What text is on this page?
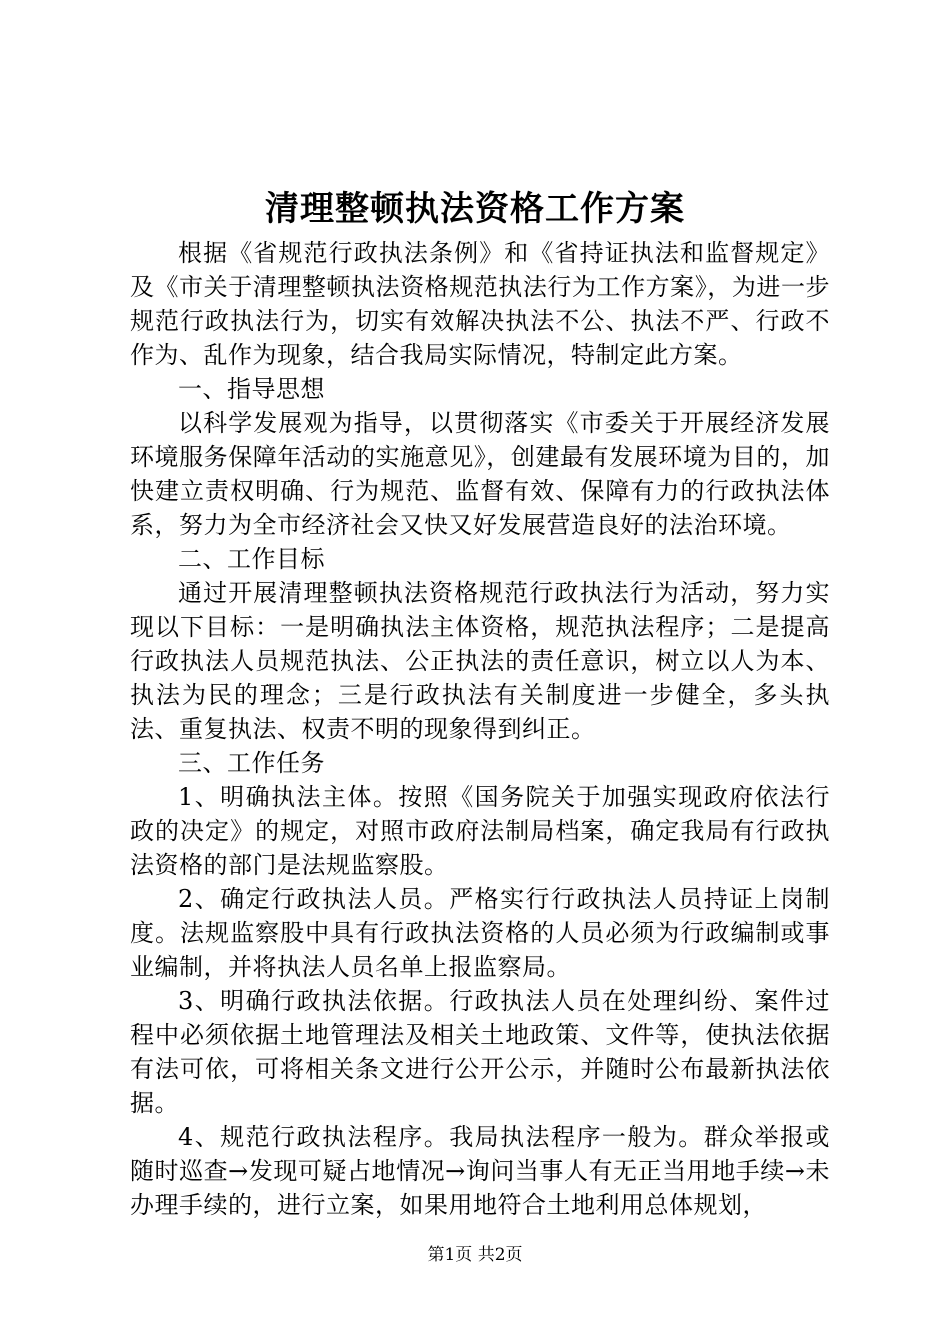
清理整顿执法资格工作方案

根据《省规范行政执法条例》和《省持证执法和监督规定》及《市关于清理整顿执法资格规范执法行为工作方案》，为进一步规范行政执法行为，切实有效解决执法不公、执法不严、行政不作为、乱作为现象，结合我局实际情况，特制定此方案。

一、指导思想

以科学发展观为指导，以贯彻落实《市委关于开展经济发展环境服务保障年活动的实施意见》，创建最有发展环境为目的，加快建立责权明确、行为规范、监督有效、保障有力的行政执法体系，努力为全市经济社会又快又好发展营造良好的法治环境。

二、工作目标

通过开展清理整顿执法资格规范行政执法行为活动，努力实现以下目标：一是明确执法主体资格，规范执法程序；二是提高行政执法人员规范执法、公正执法的责任意识，树立以人为本、执法为民的理念；三是行政执法有关制度进一步健全，多头执法、重复执法、权责不明的现象得到纠正。

三、工作任务

1、明确执法主体。按照《国务院关于加强实现政府依法行政的决定》的规定，对照市政府法制局档案，确定我局有行政执法资格的部门是法规监察股。

2、确定行政执法人员。严格实行行政执法人员持证上岗制度。法规监察股中具有行政执法资格的人员必须为行政编制或事业编制，并将执法人员名单上报监察局。

3、明确行政执法依据。行政执法人员在处理纠纷、案件过程中必须依据土地管理法及相关土地政策、文件等，使执法依据有法可依，可将相关条文进行公开公示，并随时公布最新执法依据。

4、规范行政执法程序。我局执法程序一般为。群众举报或随时巡查→发现可疑占地情况→询问当事人有无正当用地手续→未办理手续的，进行立案，如果用地符合土地利用总体规划，

第1页 共2页
